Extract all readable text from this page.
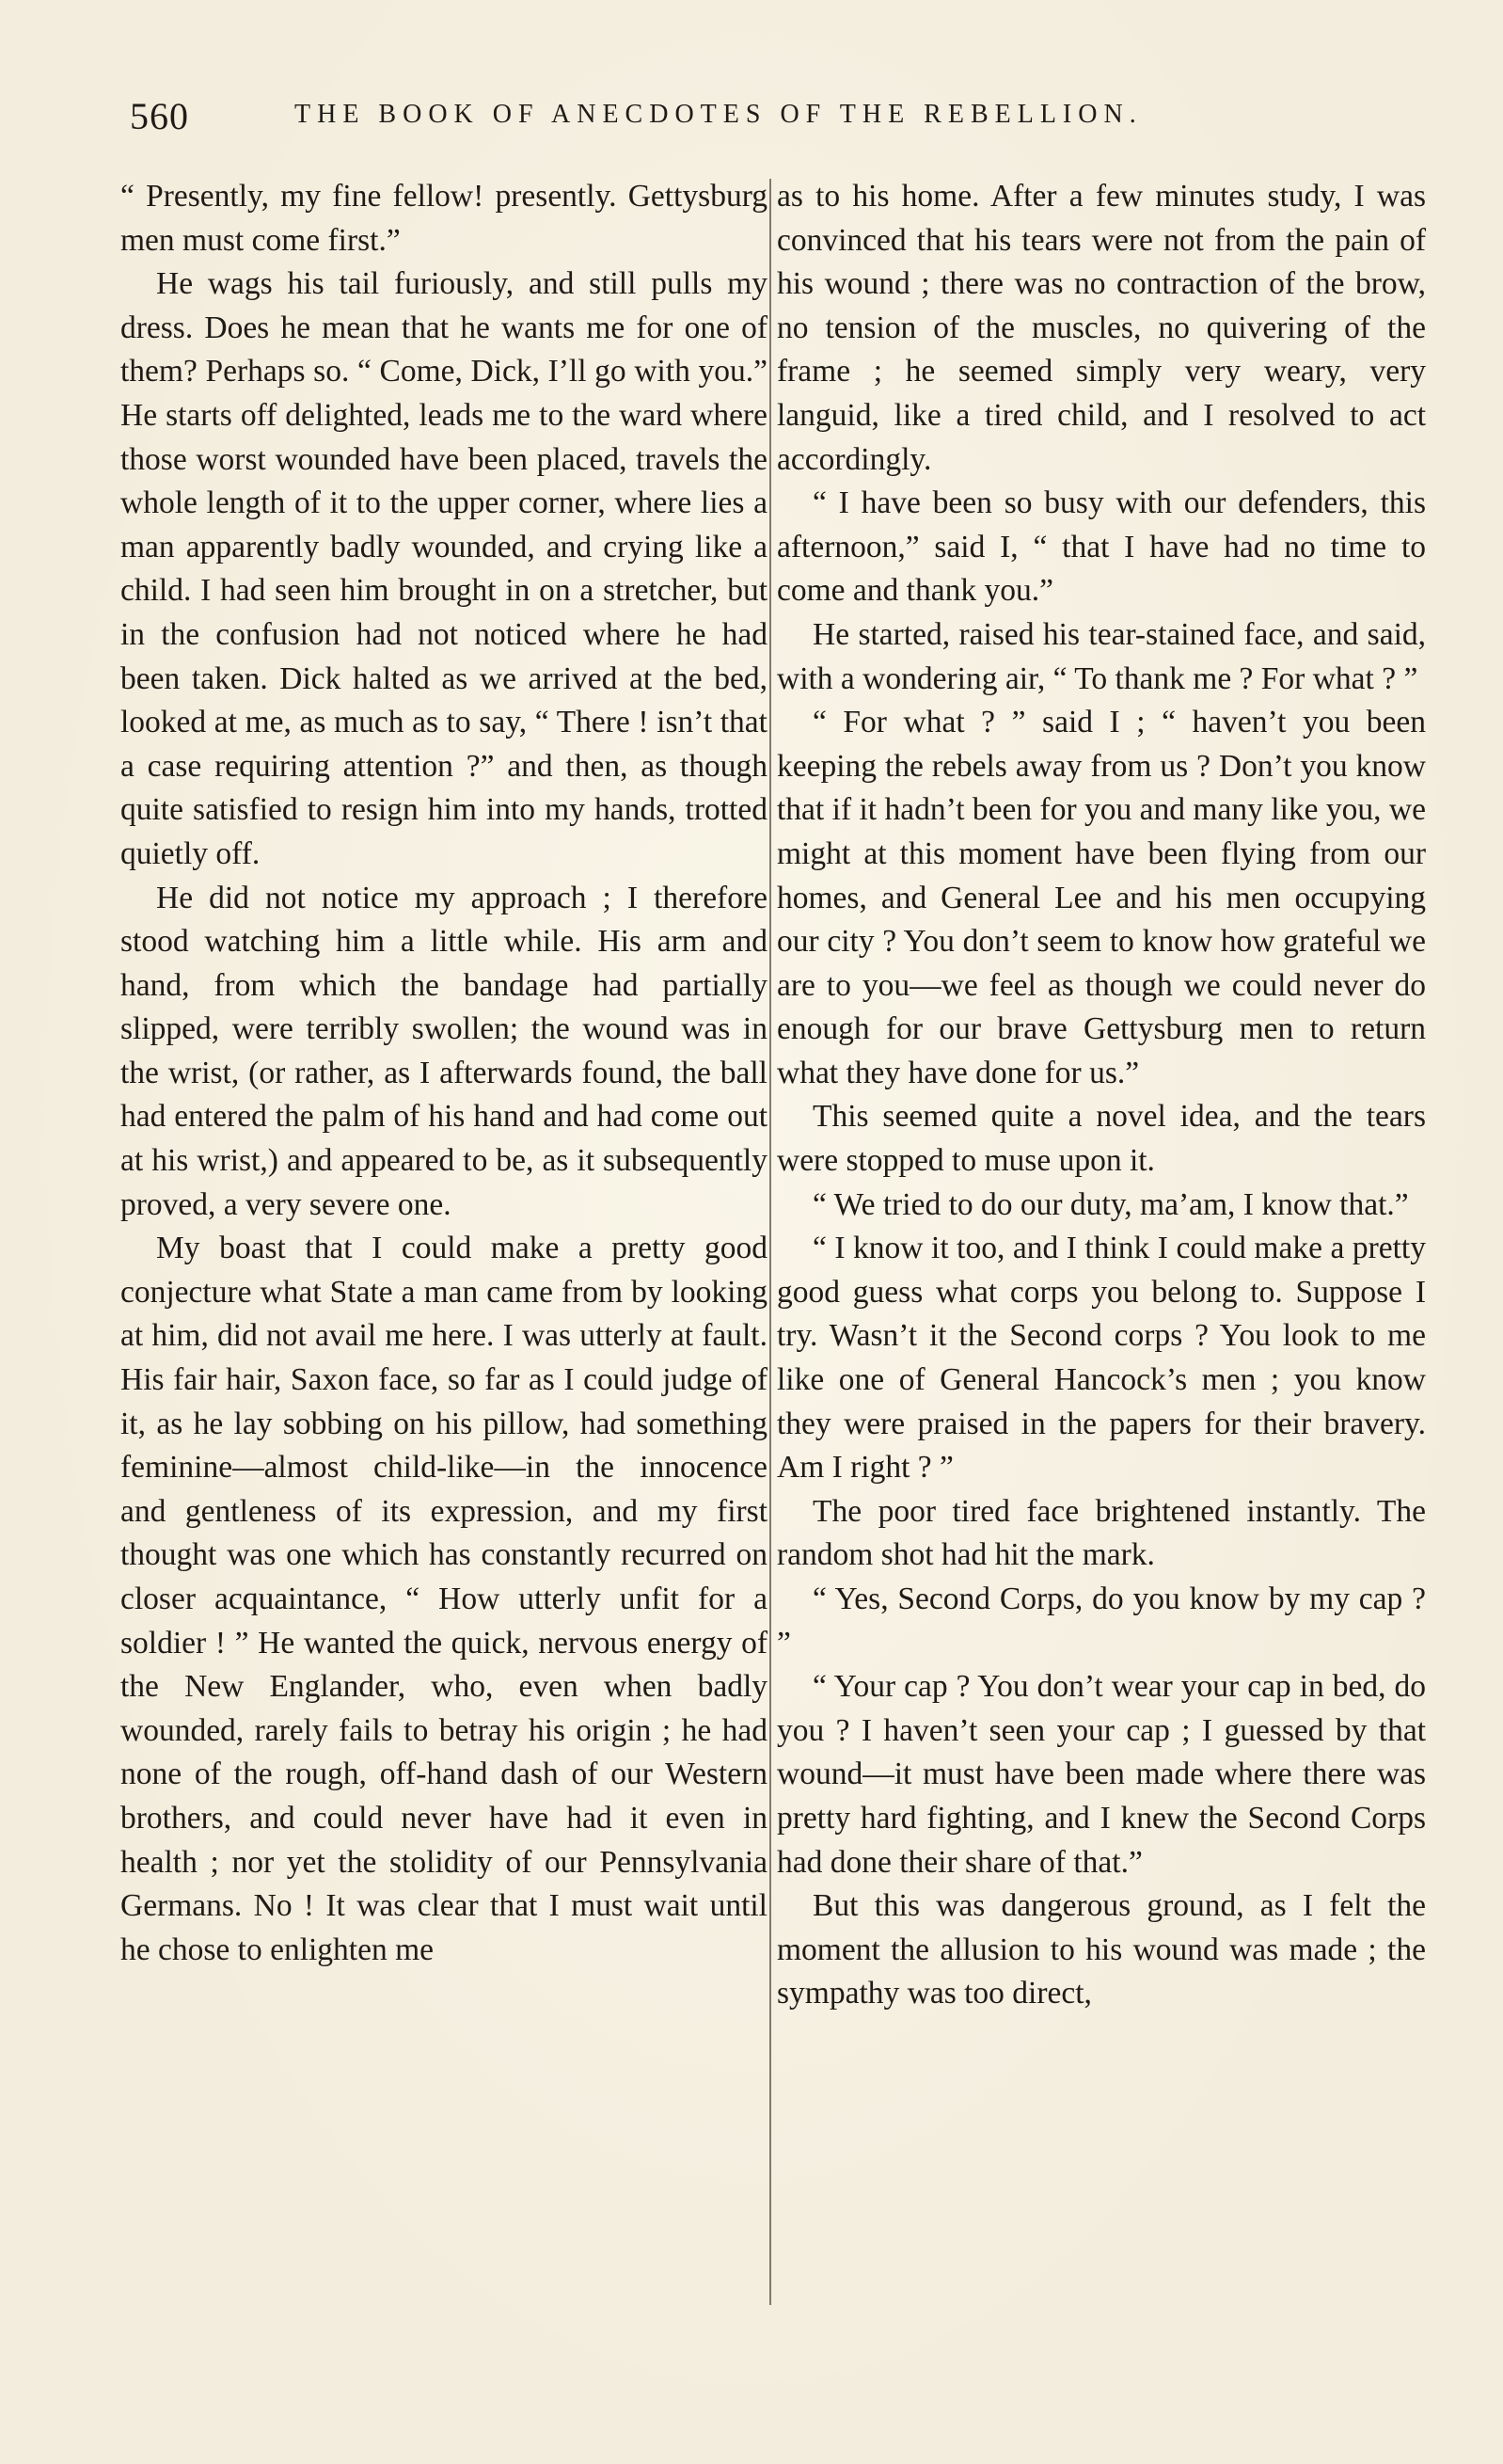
560	THE BOOK OF ANECDOTES OF THE REBELLION.

“ Presently, my fine fellow! presently. Gettysburg men must come first.”

He wags his tail furiously, and still pulls my dress. Does he mean that he wants me for one of them? Perhaps so. “ Come, Dick, I’ll go with you.” He starts off delighted, leads me to the ward where those worst wounded have been placed, travels the whole length of it to the upper corner, where lies a man apparently badly wounded, and crying like a child. I had seen him brought in on a stretcher, but in the confusion had not noticed where he had been taken. Dick halted as we arrived at the bed, looked at me, as much as to say, “ There ! isn’t that a case requiring attention ?” and then, as though quite satisfied to resign him into my hands, trotted quietly off.

He did not notice my approach ; I therefore stood watching him a little while. His arm and hand, from which the bandage had partially slipped, were terribly swollen; the wound was in the wrist, (or rather, as I afterwards found, the ball had entered the palm of his hand and had come out at his wrist,) and appeared to be, as it subsequently proved, a very severe one.

My boast that I could make a pretty good conjecture what State a man came from by looking at him, did not avail me here. I was utterly at fault. His fair hair, Saxon face, so far as I could judge of it, as he lay sobbing on his pillow, had something feminine—almost child-like—in the innocence and gentleness of its expression, and my first thought was one which has constantly recurred on closer acquaintance, “ How utterly unfit for a soldier ! ” He wanted the quick, nervous energy of the New Englander, who, even when badly wounded, rarely fails to betray his origin ; he had none of the rough, off-hand dash of our Western brothers, and could never have had it even in health ; nor yet the stolidity of our Pennsylvania Germans. No ! It was clear that I must wait until he chose to enlighten me

as to his home. After a few minutes study, I was convinced that his tears were not from the pain of his wound ; there was no contraction of the brow, no tension of the muscles, no quivering of the frame ; he seemed simply very weary, very languid, like a tired child, and I resolved to act accordingly.

“ I have been so busy with our defenders, this afternoon,” said I, “ that I have had no time to come and thank you.”

He started, raised his tear-stained face, and said, with a wondering air, “ To thank me ? For what ? ”

“ For what ? ” said I ; “ haven’t you been keeping the rebels away from us ? Don’t you know that if it hadn’t been for you and many like you, we might at this moment have been flying from our homes, and General Lee and his men occupying our city ? You don’t seem to know how grateful we are to you—we feel as though we could never do enough for our brave Gettysburg men to return what they have done for us.”

This seemed quite a novel idea, and the tears were stopped to muse upon it.

“ We tried to do our duty, ma’am, I know that.”

“ I know it too, and I think I could make a pretty good guess what corps you belong to. Suppose I try. Wasn’t it the Second corps ? You look to me like one of General Hancock’s men ; you know they were praised in the papers for their bravery. Am I right ? ”

The poor tired face brightened instantly. The random shot had hit the mark.

“ Yes, Second Corps, do you know by my cap ? ”

“ Your cap ? You don’t wear your cap in bed, do you ? I haven’t seen your cap ; I guessed by that wound—it must have been made where there was pretty hard fighting, and I knew the Second Corps had done their share of that.”

But this was dangerous ground, as I felt the moment the allusion to his wound was made ; the sympathy was too direct,
